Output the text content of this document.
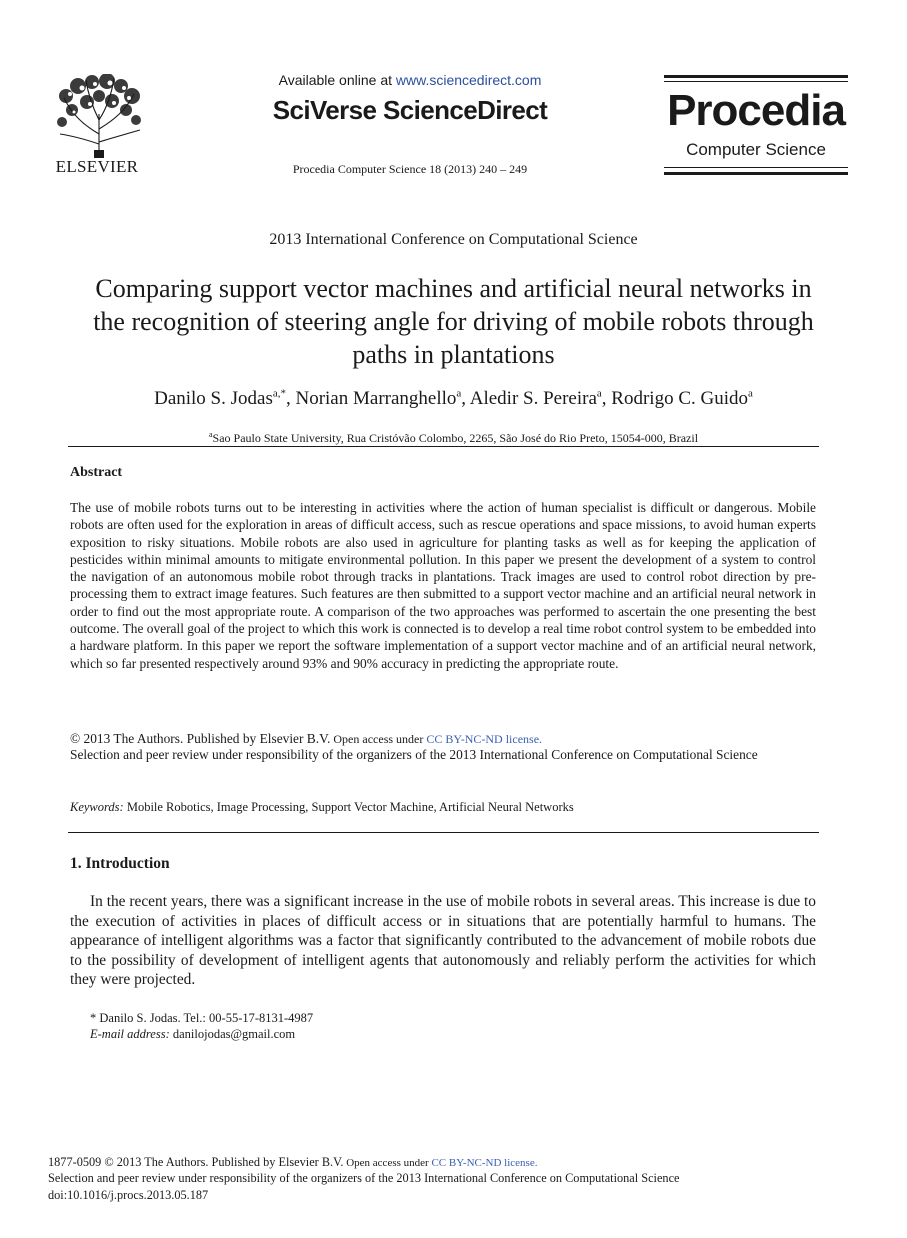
ELSEVIER
Available online at www.sciencedirect.com
SciVerse ScienceDirect
Procedia Computer Science 18 (2013) 240 – 249
Procedia
Computer Science
2013 International Conference on Computational Science
Comparing support vector machines and artificial neural networks in the recognition of steering angle for driving of mobile robots through paths in plantations
Danilo S. Jodas$^{a,*}$, Norian Marranghello$^a$, Aledir S. Pereira$^a$, Rodrigo C. Guido$^a$
$^a$Sao Paulo State University, Rua Cristóvão Colombo, 2265, São José do Rio Preto, 15054-000, Brazil
Abstract
The use of mobile robots turns out to be interesting in activities where the action of human specialist is difficult or dangerous. Mobile robots are often used for the exploration in areas of difficult access, such as rescue operations and space missions, to avoid human experts exposition to risky situations. Mobile robots are also used in agriculture for planting tasks as well as for keeping the application of pesticides within minimal amounts to mitigate environmental pollution. In this paper we present the development of a system to control the navigation of an autonomous mobile robot through tracks in plantations. Track images are used to control robot direction by pre-processing them to extract image features. Such features are then submitted to a support vector machine and an artificial neural network in order to find out the most appropriate route. A comparison of the two approaches was performed to ascertain the one presenting the best outcome. The overall goal of the project to which this work is connected is to develop a real time robot control system to be embedded into a hardware platform. In this paper we report the software implementation of a support vector machine and of an artificial neural network, which so far presented respectively around 93% and 90% accuracy in predicting the appropriate route.
© 2013 The Authors. Published by Elsevier B.V. Open access under CC BY-NC-ND license.
Selection and peer review under responsibility of the organizers of the 2013 International Conference on Computational Science
Keywords: Mobile Robotics, Image Processing, Support Vector Machine, Artificial Neural Networks
1. Introduction
In the recent years, there was a significant increase in the use of mobile robots in several areas. This increase is due to the execution of activities in places of difficult access or in situations that are potentially harmful to humans. The appearance of intelligent algorithms was a factor that significantly contributed to the advancement of mobile robots due to the possibility of development of intelligent agents that autonomously and reliably perform the activities for which they were projected.
* Danilo S. Jodas. Tel.: 00-55-17-8131-4987
E-mail address: danilojodas@gmail.com
1877-0509 © 2013 The Authors. Published by Elsevier B.V. Open access under CC BY-NC-ND license.
Selection and peer review under responsibility of the organizers of the 2013 International Conference on Computational Science
doi:10.1016/j.procs.2013.05.187
